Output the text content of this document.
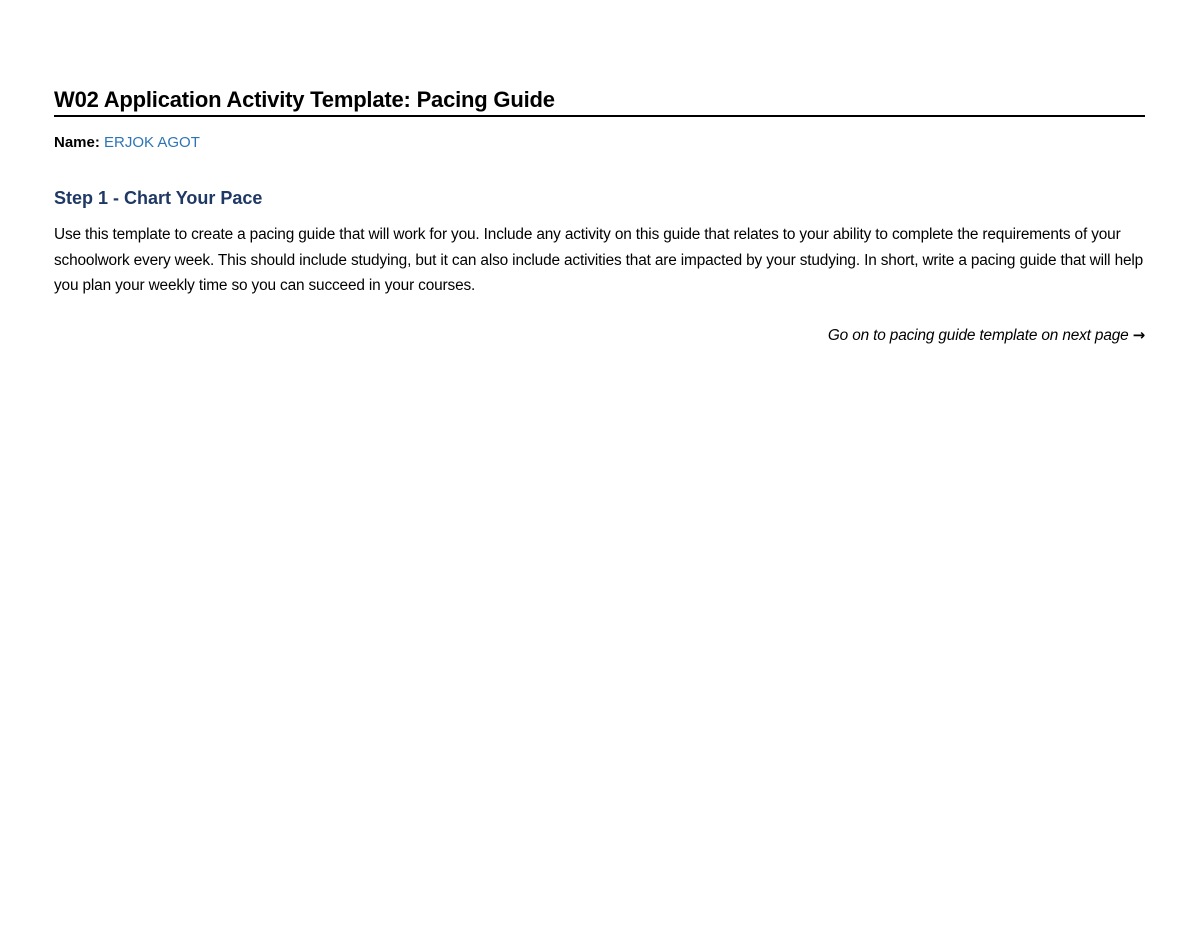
W02 Application Activity Template: Pacing Guide
Name: ERJOK AGOT
Step 1 - Chart Your Pace
Use this template to create a pacing guide that will work for you. Include any activity on this guide that relates to your ability to complete the requirements of your schoolwork every week. This should include studying, but it can also include activities that are impacted by your studying. In short, write a pacing guide that will help you plan your weekly time so you can succeed in your courses.
Go on to pacing guide template on next page →
